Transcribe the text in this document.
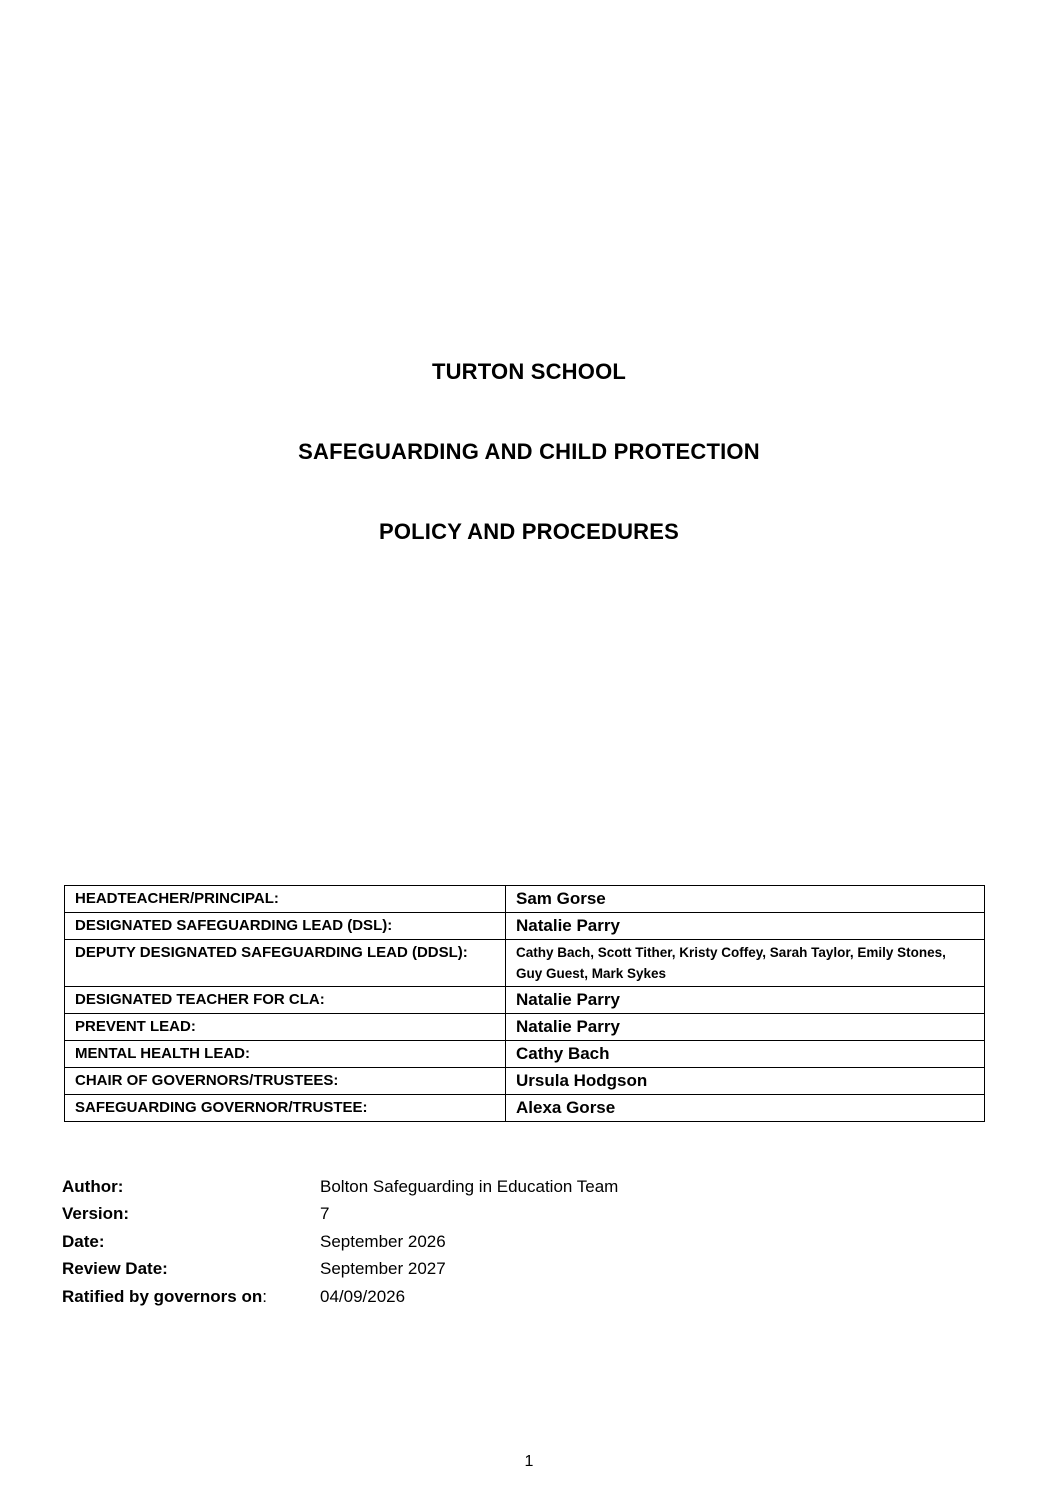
TURTON SCHOOL
SAFEGUARDING AND CHILD PROTECTION
POLICY AND PROCEDURES
HEADTEACHER/PRINCIPAL:	Sam Gorse
DESIGNATED SAFEGUARDING LEAD (DSL):	Natalie Parry
DEPUTY DESIGNATED SAFEGUARDING LEAD (DDSL):	Cathy Bach, Scott Tither, Kristy Coffey, Sarah Taylor, Emily Stones, Guy Guest, Mark Sykes
DESIGNATED TEACHER FOR CLA:	Natalie Parry
PREVENT LEAD:	Natalie Parry
MENTAL HEALTH LEAD:	Cathy Bach
CHAIR OF GOVERNORS/TRUSTEES:	Ursula Hodgson
SAFEGUARDING GOVERNOR/TRUSTEE:	Alexa Gorse
Author:	Bolton Safeguarding in Education Team
Version:	7
Date:	September 2026
Review Date:	September 2027
Ratified by governors on:	04/09/2026
1
